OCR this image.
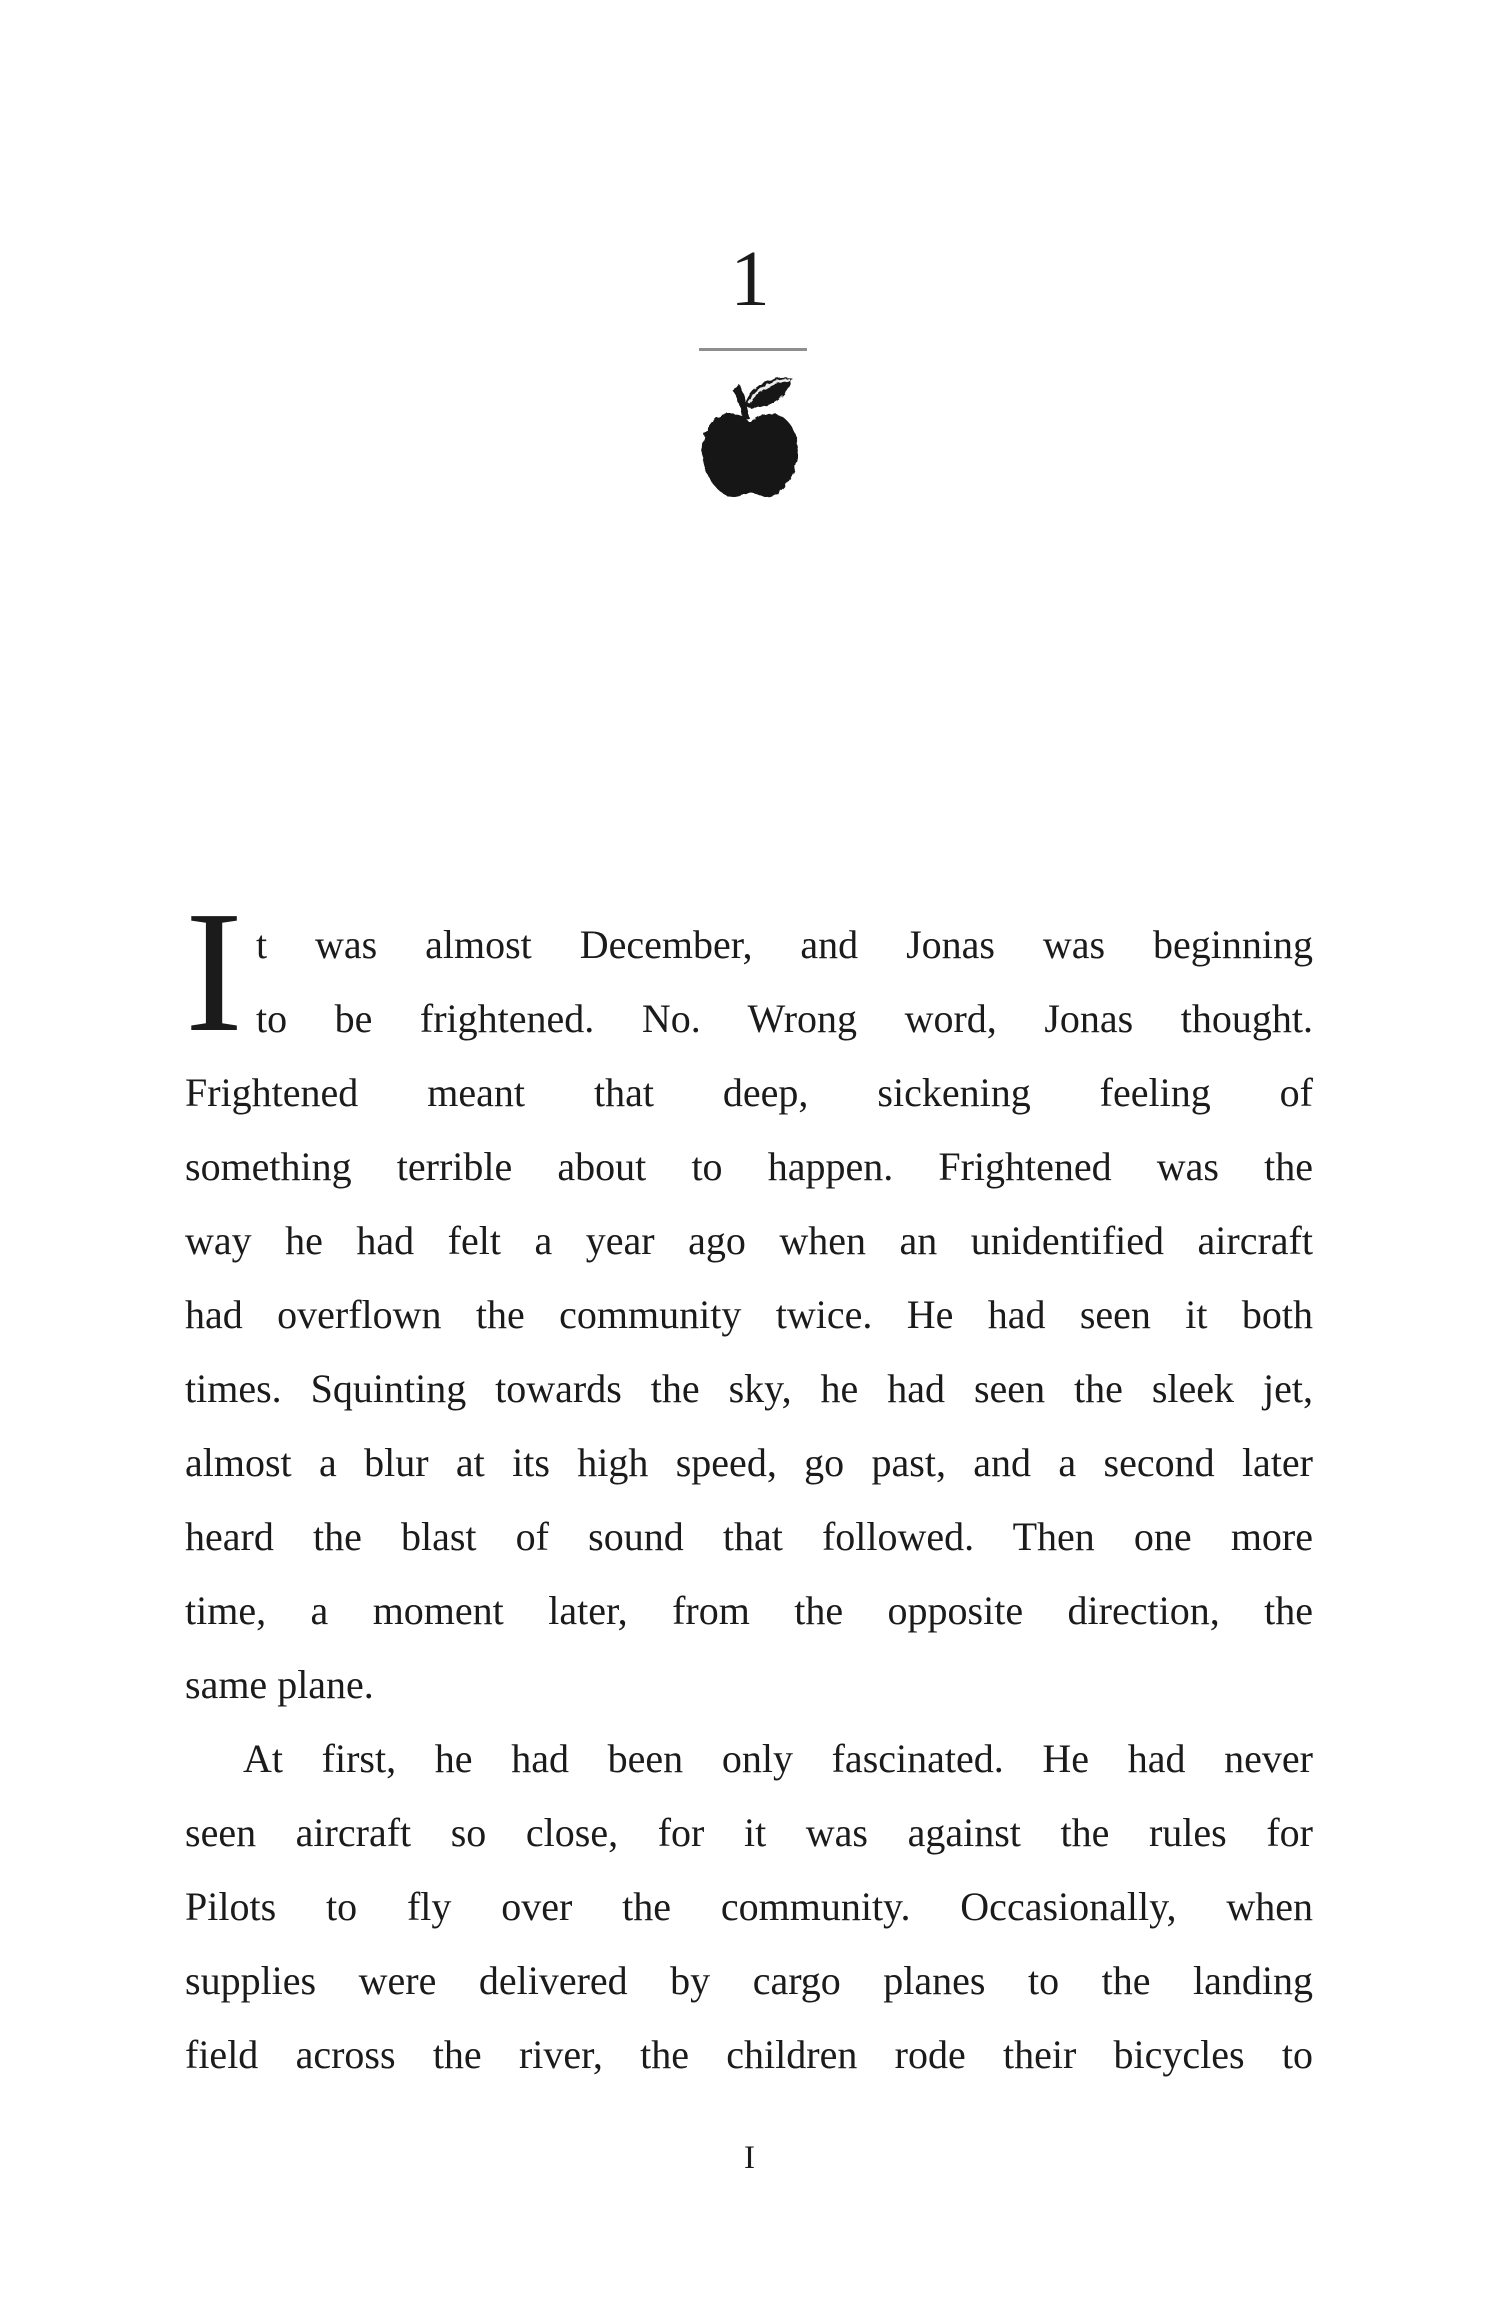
1
I t was almost December, and Jonas was beginning
to be frightened. No. Wrong word, Jonas thought.
Frightened meant that deep, sickening feeling of
something terrible about to happen. Frightened was the
way he had felt a year ago when an unidentified aircraft
had overflown the community twice. He had seen it both
times. Squinting towards the sky, he had seen the sleek jet,
almost a blur at its high speed, go past, and a second later
heard the blast of sound that followed. Then one more
time, a moment later, from the opposite direction, the
same plane.
At first, he had been only fascinated. He had never
seen aircraft so close, for it was against the rules for
Pilots to fly over the community. Occasionally, when
supplies were delivered by cargo planes to the landing
field across the river, the children rode their bicycles to
I
